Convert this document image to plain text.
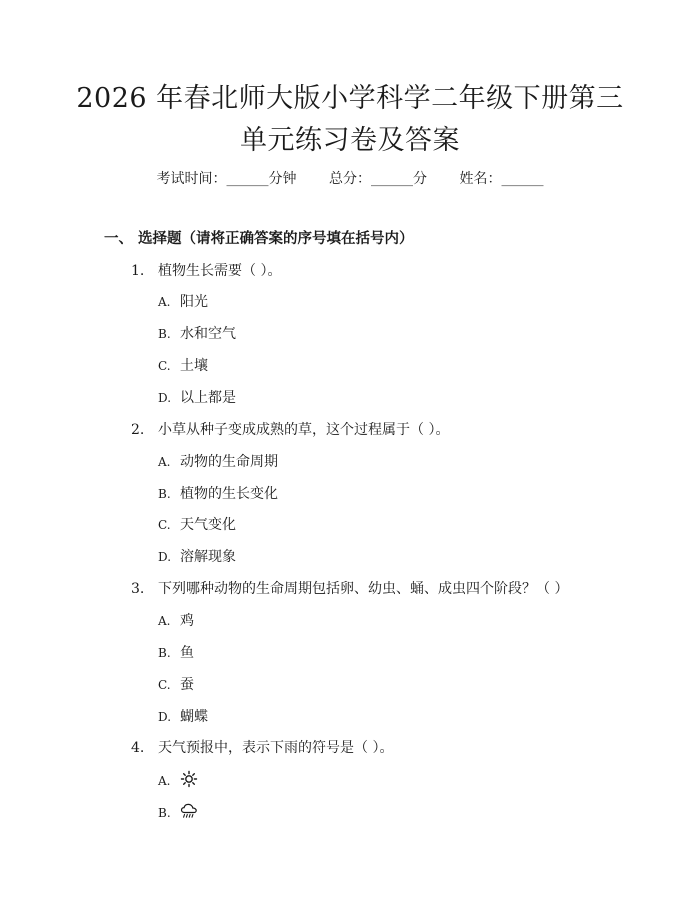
2026 年春北师大版小学科学二年级下册第三
单元练习卷及答案
考试时间：______分钟 总分：______分 姓名：______
一、 选择题（请将正确答案的序号填在括号内）
1. 植物生长需要（ ）。
A. 阳光
B. 水和空气
C. 土壤
D. 以上都是
2. 小草从种子变成成熟的草，这个过程属于（ ）。
A. 动物的生命周期
B. 植物的生长变化
C. 天气变化
D. 溶解现象
3. 下列哪种动物的生命周期包括卵、幼虫、蛹、成虫四个阶段？（ ）
A. 鸡
B. 鱼
C. 蚕
D. 蝴蝶
4. 天气预报中，表示下雨的符号是（ ）。
A.
B.
